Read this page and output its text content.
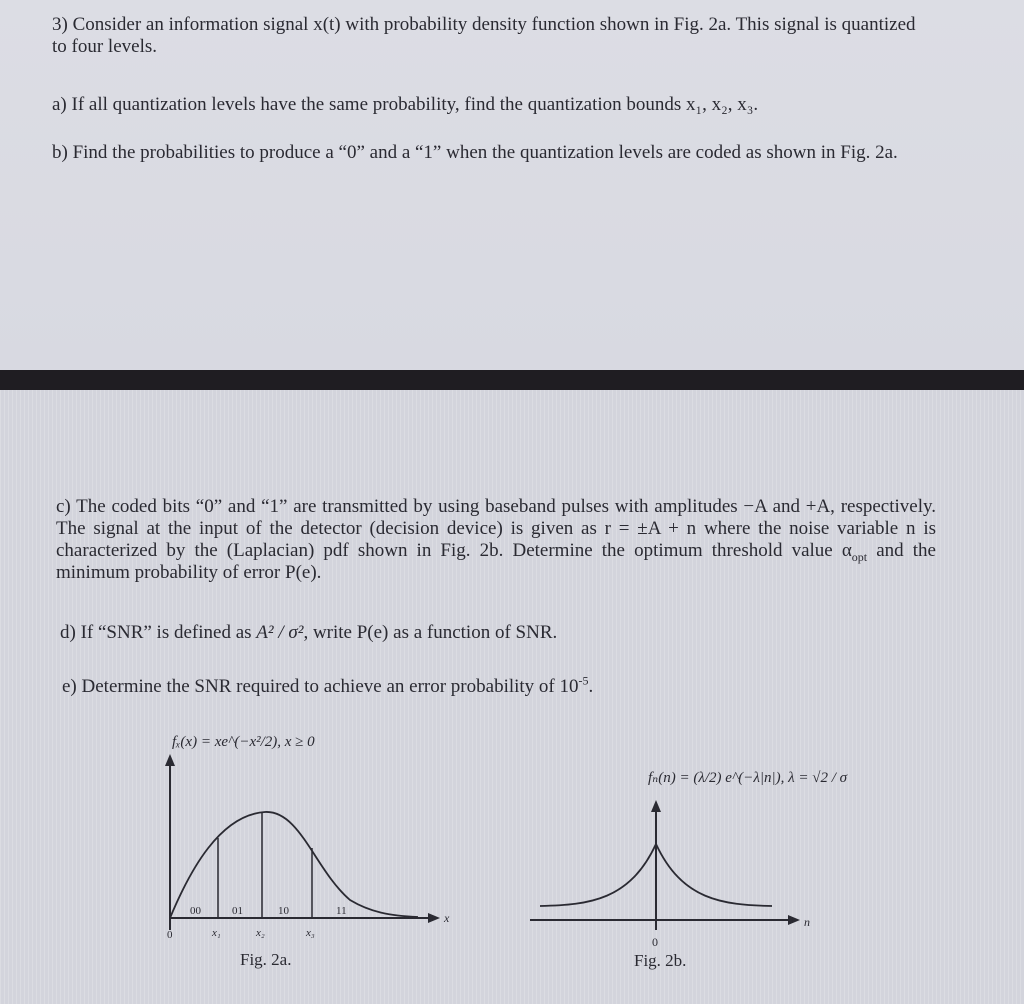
3) Consider an information signal x(t) with probability density function shown in Fig. 2a. This signal is quantized to four levels.

a) If all quantization levels have the same probability, find the quantization bounds x₁, x₂, x₃.

b) Find the probabilities to produce a “0” and a “1” when the quantization levels are coded as shown in Fig. 2a.

c) The coded bits “0” and “1” are transmitted by using baseband pulses with amplitudes −A and +A, respectively. The signal at the input of the detector (decision device) is given as r = ±A + n where the noise variable n is characterized by the (Laplacian) pdf shown in Fig. 2b. Determine the optimum threshold value $\alpha_{opt}$ and the minimum probability of error P(e).

d) If “SNR” is defined as A² / σ², write P(e) as a function of SNR.

e) Determine the SNR required to achieve an error probability of $10^{-5}$.

fₓ(x) = xe^(−x²/2), x ≥ 0
00	01	10	11
0	x₁	x₂	x₃
x
Fig. 2a.
fₙ(n) = (λ/2) e^(−λ|n|), λ = √2 / σ
0
n
Fig. 2b.
